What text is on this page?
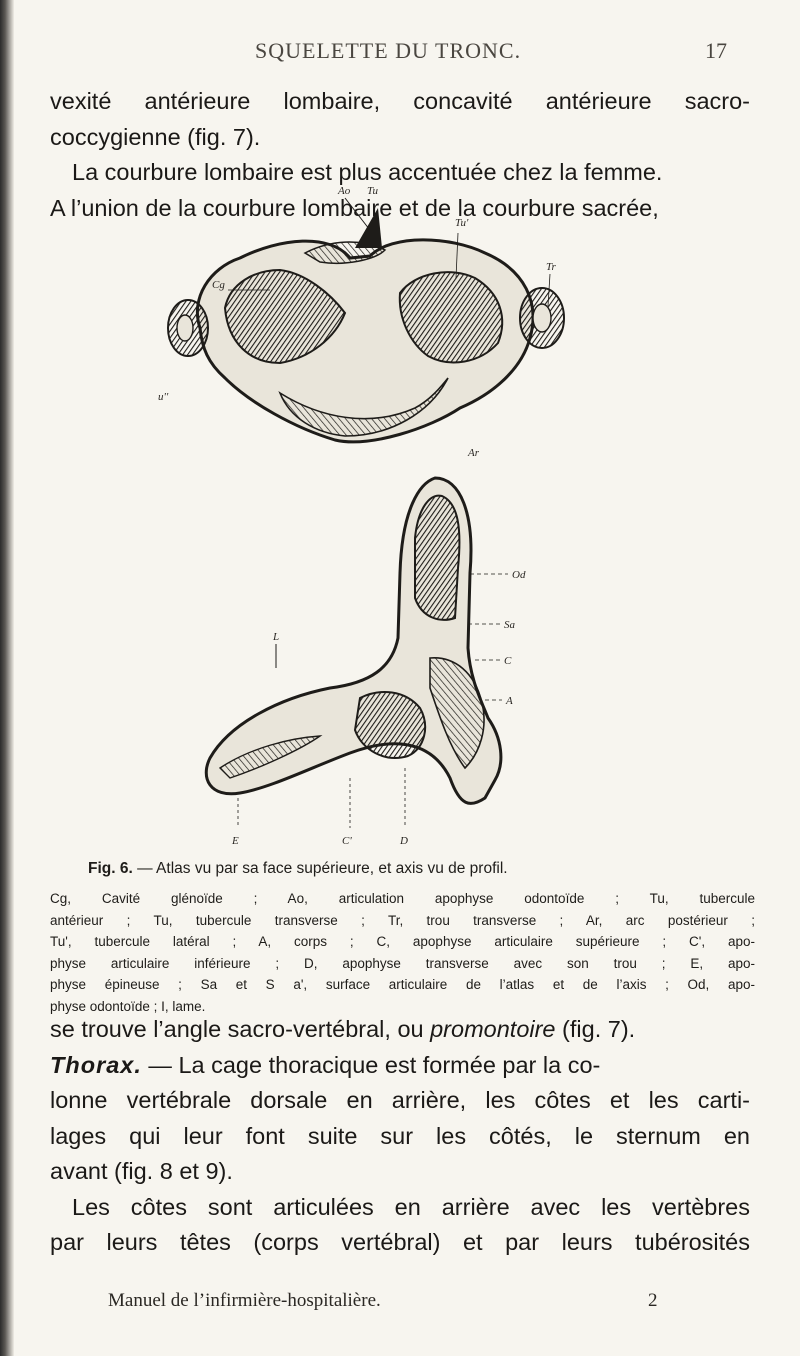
SQUELETTE DU TRONC.	17

vexité antérieure lombaire, concavité antérieure sacro-
coccygienne (fig. 7).
La courbure lombaire est plus accentuée chez la femme.
A l’union de la courbure lombaire et de la courbure sacrée,

Ao Tu
Tu'
Cg
Tr
u''
Ar
Od
Sa
C
A
L
E	C'	D

Fig. 6. — Atlas vu par sa face supérieure, et axis vu de profil.

Cg, Cavité glénoïde ; Ao, articulation apophyse odontoïde ; Tu, tubercule
antérieur ; Tu, tubercule transverse ; Tr, trou transverse ; Ar, arc postérieur ;
Tu', tubercule latéral ; A, corps ; C, apophyse articulaire supérieure ; C', apo-
physe articulaire inférieure ; D, apophyse transverse avec son trou ; E, apo-
physe épineuse ; Sa et S a', surface articulaire de l’atlas et de l’axis ; Od, apo-
physe odontoïde ; I, lame.

se trouve l’angle sacro-vertébral, ou promontoire (fig. 7).
Thorax. — La cage thoracique est formée par la co-
lonne vertébrale dorsale en arrière, les côtes et les carti-
lages qui leur font suite sur les côtés, le sternum en
avant (fig. 8 et 9).
Les côtes sont articulées en arrière avec les vertèbres
par leurs têtes (corps vertébral) et par leurs tubérosités

Manuel de l’infirmière-hospitalière.	2
